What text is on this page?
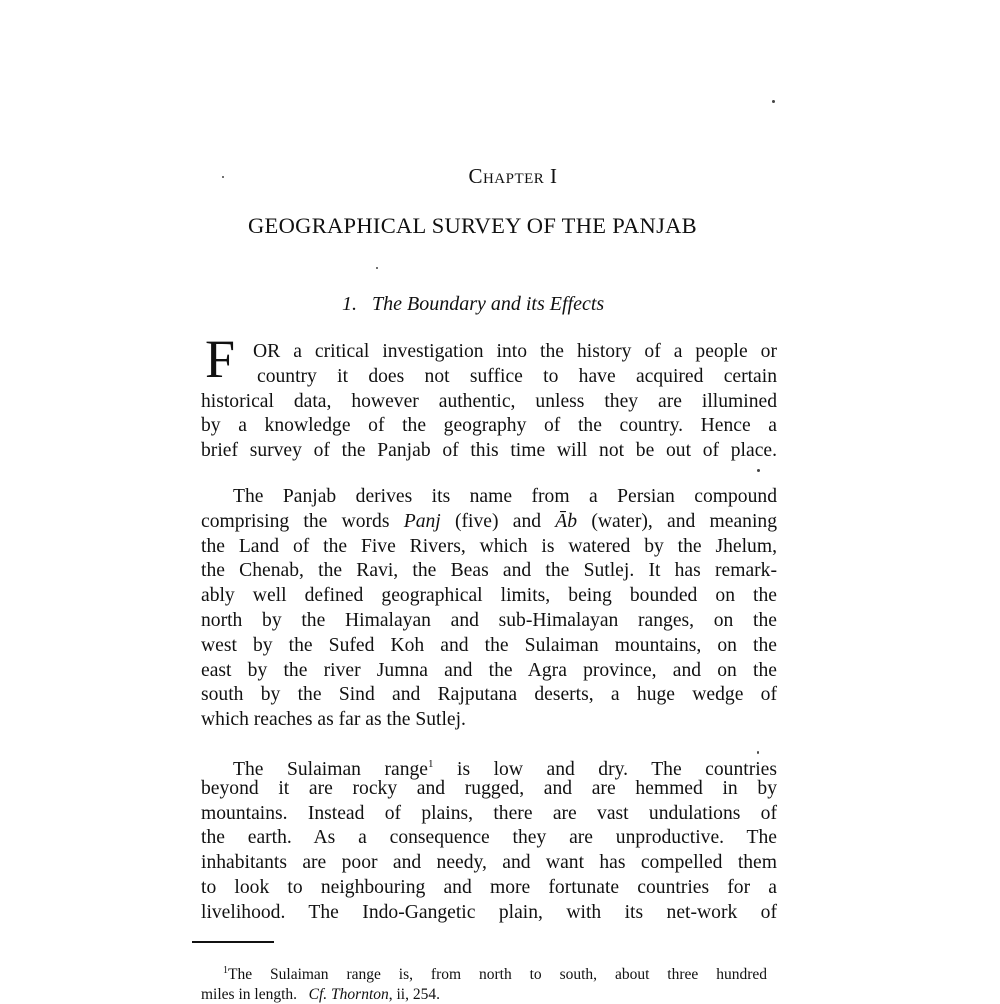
Chapter I
GEOGRAPHICAL SURVEY OF THE PANJAB
1. The Boundary and its Effects
F OR a critical investigation into the history of a people or
country it does not suffice to have acquired certain
historical data, however authentic, unless they are illumined
by a knowledge of the geography of the country. Hence a
brief survey of the Panjab of this time will not be out of place.
The Panjab derives its name from a Persian compound
comprising the words Panj (five) and Āb (water), and meaning
the Land of the Five Rivers, which is watered by the Jhelum,
the Chenab, the Ravi, the Beas and the Sutlej. It has remark-
ably well defined geographical limits, being bounded on the
north by the Himalayan and sub-Himalayan ranges, on the
west by the Sufed Koh and the Sulaiman mountains, on the
east by the river Jumna and the Agra province, and on the
south by the Sind and Rajputana deserts, a huge wedge of
which reaches as far as the Sutlej.
The Sulaiman range$^1$ is low and dry. The countries
beyond it are rocky and rugged, and are hemmed in by
mountains. Instead of plains, there are vast undulations of
the earth. As a consequence they are unproductive. The
inhabitants are poor and needy, and want has compelled them
to look to neighbouring and more fortunate countries for a
livelihood. The Indo-Gangetic plain, with its net-work of
$^1$The Sulaiman range is, from north to south, about three hundred
miles in length. Cf. Thornton, ii, 254.
